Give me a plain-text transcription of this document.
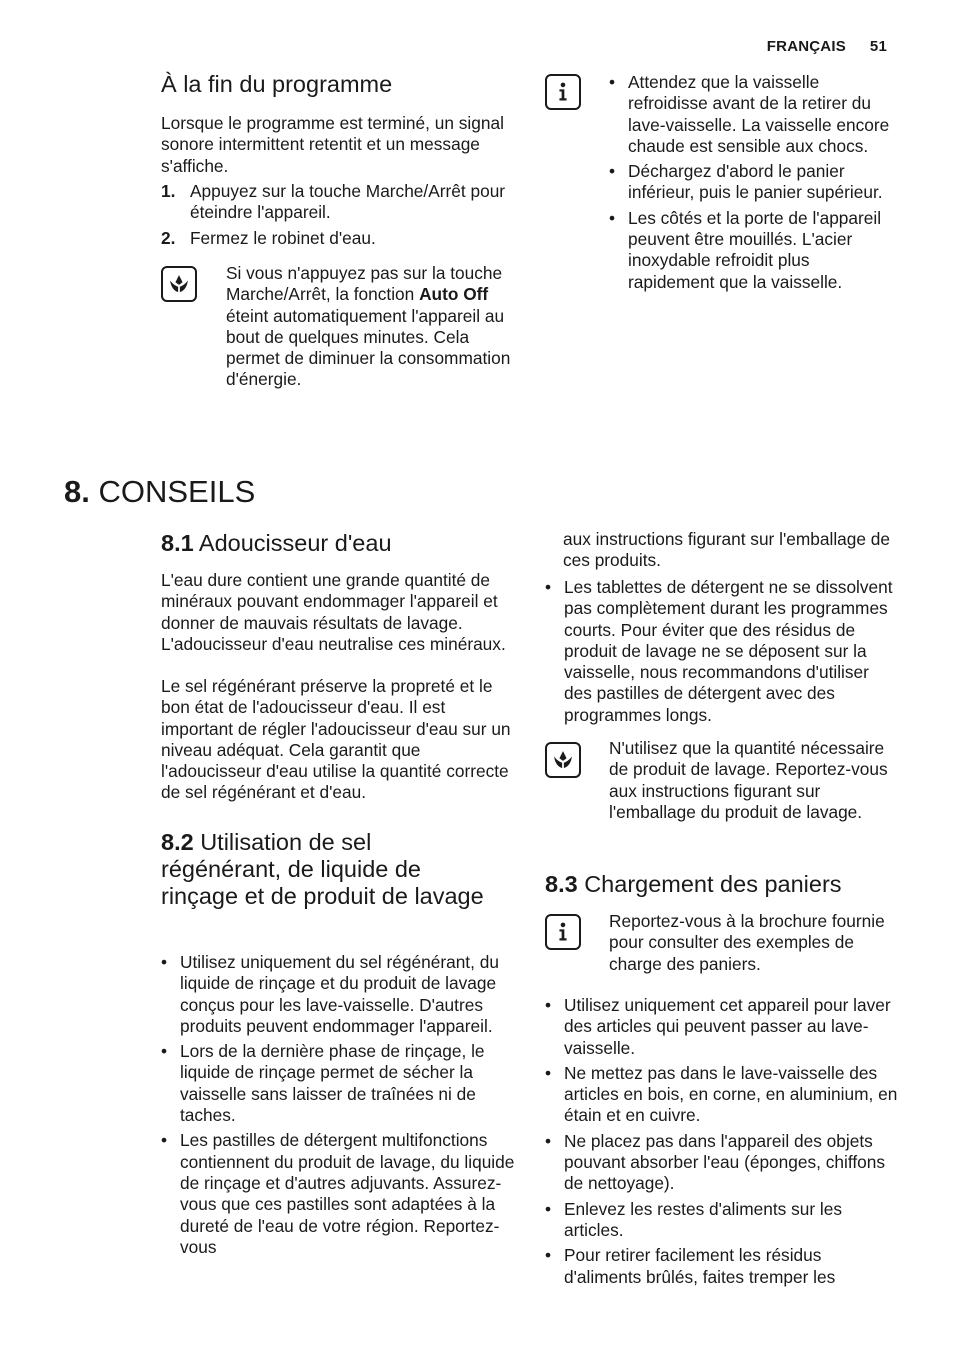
FRANÇAIS 51
À la fin du programme

Lorsque le programme est terminé, un signal sonore intermittent retentit et un message s'affiche.

1. Appuyez sur la touche Marche/Arrêt pour éteindre l'appareil.
2. Fermez le robinet d'eau.

Si vous n'appuyez pas sur la touche Marche/Arrêt, la fonction Auto Off éteint automatiquement l'appareil au bout de quelques minutes. Cela permet de diminuer la consommation d'énergie.

• Attendez que la vaisselle refroidisse avant de la retirer du lave-vaisselle. La vaisselle encore chaude est sensible aux chocs.
• Déchargez d'abord le panier inférieur, puis le panier supérieur.
• Les côtés et la porte de l'appareil peuvent être mouillés. L'acier inoxydable refroidit plus rapidement que la vaisselle.
8. CONSEILS
8.1 Adoucisseur d'eau

L'eau dure contient une grande quantité de minéraux pouvant endommager l'appareil et donner de mauvais résultats de lavage. L'adoucisseur d'eau neutralise ces minéraux.

Le sel régénérant préserve la propreté et le bon état de l'adoucisseur d'eau. Il est important de régler l'adoucisseur d'eau sur un niveau adéquat. Cela garantit que l'adoucisseur d'eau utilise la quantité correcte de sel régénérant et d'eau.

8.2 Utilisation de sel régénérant, de liquide de rinçage et de produit de lavage
• Utilisez uniquement du sel régénérant, du liquide de rinçage et du produit de lavage conçus pour les lave-vaisselle. D'autres produits peuvent endommager l'appareil.
• Lors de la dernière phase de rinçage, le liquide de rinçage permet de sécher la vaisselle sans laisser de traînées ni de taches.
• Les pastilles de détergent multifonctions contiennent du produit de lavage, du liquide de rinçage et d'autres adjuvants. Assurez-vous que ces pastilles sont adaptées à la dureté de l'eau de votre région. Reportez-vous

aux instructions figurant sur l'emballage de ces produits.

• Les tablettes de détergent ne se dissolvent pas complètement durant les programmes courts. Pour éviter que des résidus de produit de lavage ne se déposent sur la vaisselle, nous recommandons d'utiliser des pastilles de détergent avec des programmes longs.

N'utilisez que la quantité nécessaire de produit de lavage. Reportez-vous aux instructions figurant sur l'emballage du produit de lavage.

8.3 Chargement des paniers

Reportez-vous à la brochure fournie pour consulter des exemples de charge des paniers.

• Utilisez uniquement cet appareil pour laver des articles qui peuvent passer au lave-vaisselle.
• Ne mettez pas dans le lave-vaisselle des articles en bois, en corne, en aluminium, en étain et en cuivre.
• Ne placez pas dans l'appareil des objets pouvant absorber l'eau (éponges, chiffons de nettoyage).
• Enlevez les restes d'aliments sur les articles.
• Pour retirer facilement les résidus d'aliments brûlés, faites tremper les
